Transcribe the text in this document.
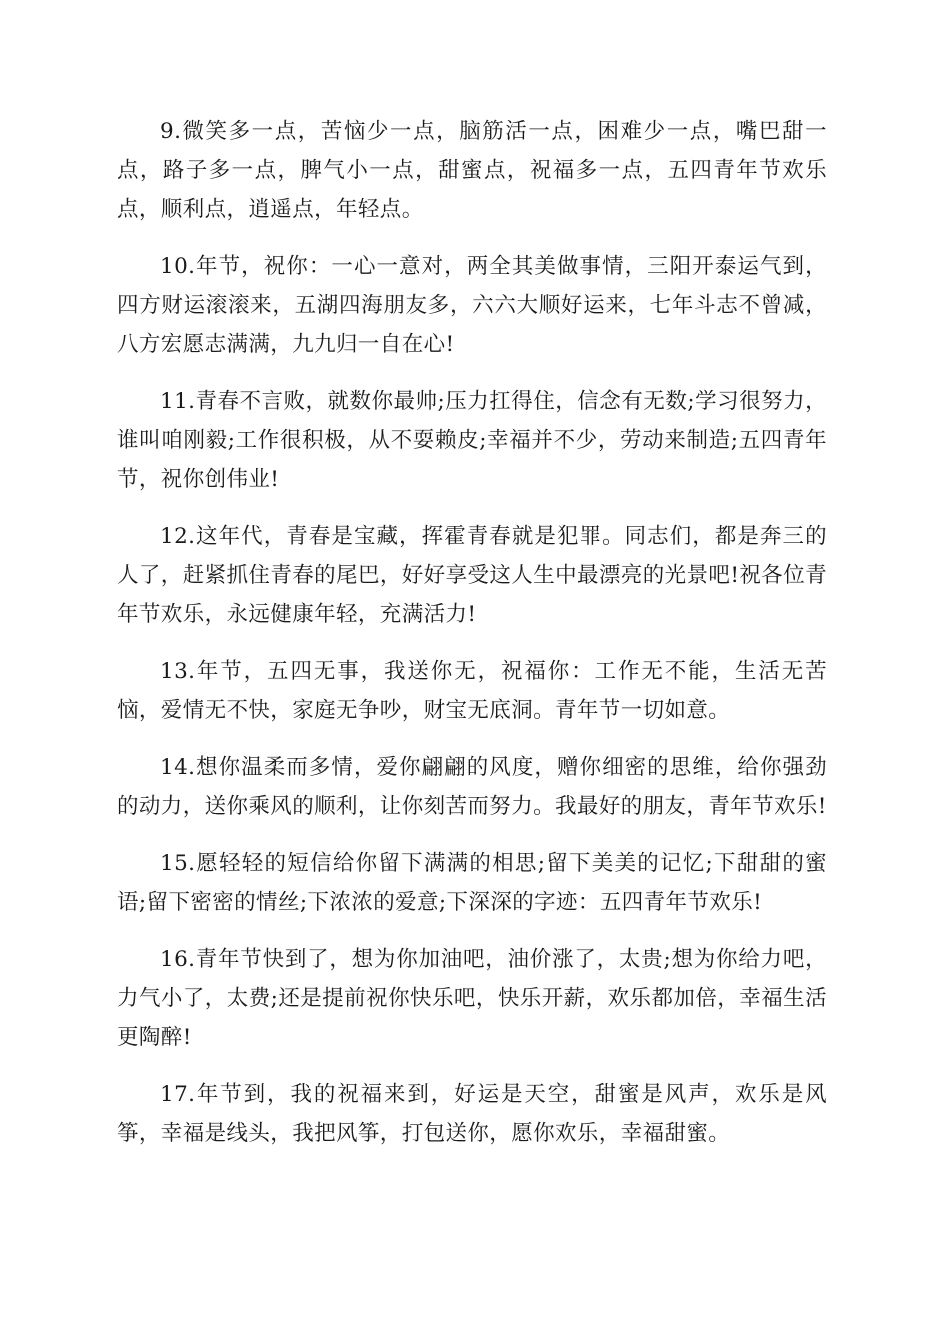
9.微笑多一点，苦恼少一点，脑筋活一点，困难少一点，嘴巴甜一点，路子多一点，脾气小一点，甜蜜点，祝福多一点，五四青年节欢乐点，顺利点，逍遥点，年轻点。

10.年节，祝你：一心一意对，两全其美做事情，三阳开泰运气到，四方财运滚滚来，五湖四海朋友多，六六大顺好运来，七年斗志不曾减，八方宏愿志满满，九九归一自在心!

11.青春不言败，就数你最帅;压力扛得住，信念有无数;学习很努力，谁叫咱刚毅;工作很积极，从不耍赖皮;幸福并不少，劳动来制造;五四青年节，祝你创伟业!

12.这年代，青春是宝藏，挥霍青春就是犯罪。同志们，都是奔三的人了，赶紧抓住青春的尾巴，好好享受这人生中最漂亮的光景吧!祝各位青年节欢乐，永远健康年轻，充满活力!

13.年节，五四无事，我送你无，祝福你：工作无不能，生活无苦恼，爱情无不快，家庭无争吵，财宝无底洞。青年节一切如意。

14.想你温柔而多情，爱你翩翩的风度，赠你细密的思维，给你强劲的动力，送你乘风的顺利，让你刻苦而努力。我最好的朋友，青年节欢乐!

15.愿轻轻的短信给你留下满满的相思;留下美美的记忆;下甜甜的蜜语;留下密密的情丝;下浓浓的爱意;下深深的字迹：五四青年节欢乐!

16.青年节快到了，想为你加油吧，油价涨了，太贵;想为你给力吧，力气小了，太费;还是提前祝你快乐吧，快乐开薪，欢乐都加倍，幸福生活更陶醉!

17.年节到，我的祝福来到，好运是天空，甜蜜是风声，欢乐是风筝，幸福是线头，我把风筝，打包送你，愿你欢乐，幸福甜蜜。
